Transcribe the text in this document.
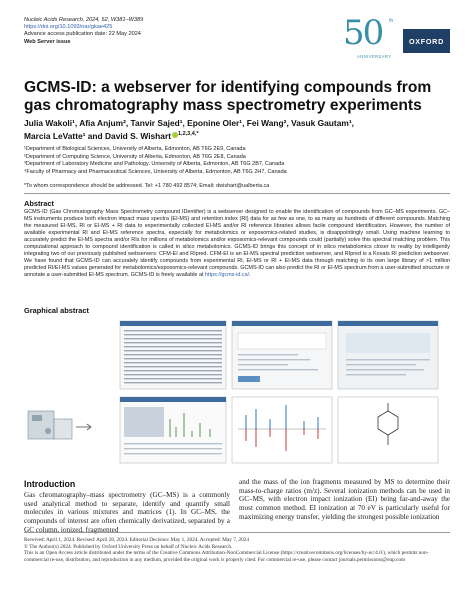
Nucleic Acids Research, 2024, 52, W381–W389
https://doi.org/10.1093/nar/gkae425
Advance access publication date: 22 May 2024
Web Server issue	50 th
ANNIVERSARY
OXFORD
GCMS-ID: a webserver for identifying compounds from gas chromatography mass spectrometry experiments
Julia Wakoli¹, Afia Anjum², Tanvir Sajed¹, Eponine Oler¹, Fei Wang², Vasuk Gautam¹,
Marcia LeVatte¹ and David S. Wishart $^{1,2,3,4,*}$
¹Department of Biological Sciences, University of Alberta, Edmonton, AB T6G 2E9, Canada
²Department of Computing Science, University of Alberta, Edmonton, AB T6G 2E8, Canada
³Department of Laboratory Medicine and Pathology, University of Alberta, Edmonton, AB T6G 2B7, Canada
⁴Faculty of Pharmacy and Pharmaceutical Sciences, University of Alberta, Edmonton, AB T6G 2H7, Canada
*To whom correspondence should be addressed. Tel: +1 780 492 8574; Email: dwishart@ualberta.ca
Abstract
GCMS-ID (Gas Chromatography Mass Spectrometry compound IDentifier) is a webserver designed to enable the identification of compounds from GC–MS experiments. GC–MS instruments produce both electron impact mass spectra (EI-MS) and retention index (RI) data for as few as one, to as many as hundreds of different compounds. Matching the measured EI-MS, RI or EI-MS + RI data to experimentally collected EI-MS and/or RI reference libraries allows facile compound identification. However, the number of available experimental RI and EI-MS reference spectra, especially for metabolomics or exposomics-related studies, is disappointingly small. Using machine learning to accurately predict the EI-MS spectra and/or RIs for millions of metabolomics and/or exposomics-relevant compounds could (partially) solve this spectral matching problem. This computational approach to compound identification is called in silico metabolomics. GCMS-ID brings this concept of in silico metabolomics closer to reality by intelligently integrating two of our previously published webservers: CFM-EI and RIpred. CFM-EI is an EI-MS spectral prediction webserver, and RIpred is a Kovats RI prediction webserver. We have found that GCMS-ID can accurately identify compounds from experimental RI, EI-MS or RI + EI-MS data through matching to its own large library of >1 million predicted RI/EI-MS values generated for metabolomics/exposomics-relevant compounds. GCMS-ID can also predict the RI or EI-MS spectrum from a user-submitted structure or annotate a user-submitted EI-MS spectrum. GCMS-ID is freely available at https://gcms-id.ca/.
Graphical abstract
Introduction
Gas chromatography–mass spectrometry (GC–MS) is a commonly used analytical method to separate, identify and quantify small molecules in various mixtures and matrices (1). In GC–MS, the compounds of interest are often chemically derivatized, separated by a GC column, ionized, fragmented
and the mass of the ion fragments measured by MS to determine their mass-to-charge ratios (m/z). Several ionization methods can be used in GC–MS, with electron impact ionization (EI) being far-and-away the most common method. EI ionization at 70 eV is particularly useful for maximizing energy transfer, yielding the strongest possible ionization
Received: April 1, 2024. Revised: April 28, 2024. Editorial Decision: May 1, 2024. Accepted: May 7, 2024
© The Author(s) 2024. Published by Oxford University Press on behalf of Nucleic Acids Research.
This is an Open Access article distributed under the terms of the Creative Commons Attribution-NonCommercial License (https://creativecommons.org/licenses/by-nc/4.0/), which permits non-commercial re-use, distribution, and reproduction in any medium, provided the original work is properly cited. For commercial re-use, please contact journals.permissions@oup.com
